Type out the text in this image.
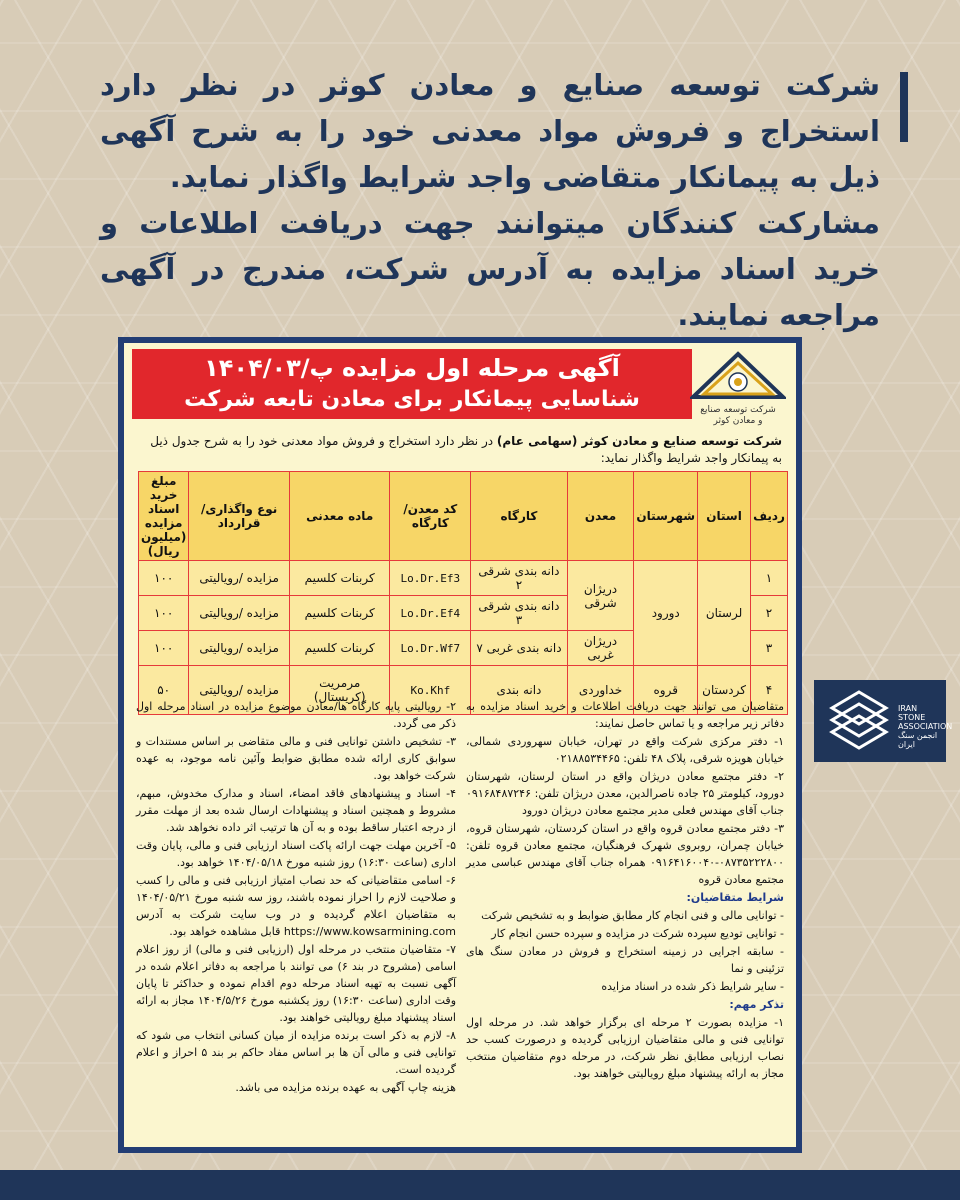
شرکت توسعه صنایع و معادن کوثر در نظر دارد استخراج و فروش مواد معدنی خود را به شرح آگهی ذیل به پیمانکار متقاضی واجد شرایط واگذار نماید.

مشارکت کنندگان میتوانند جهت دریافت اطلاعات و خرید اسناد مزایده به آدرس شرکت، مندرج در آگهی مراجعه نمایند.

آگهی مرحله اول مزایده پ/۱۴۰۴/۰۳
شناسایی پیمانکار برای معادن تابعه شرکت	شرکت توسعه صنایع
و معادن کوثر
شرکت توسعه صنایع و معادن کوثر (سهامی عام) در نظر دارد استخراج و فروش مواد معدنی خود را به شرح جدول ذیل به پیمانکار واجد شرایط واگذار نماید:
ردیف	استان	شهرستان	معدن	کارگاه	کد معدن/ کارگاه	ماده معدنی	نوع واگذاری/قرارداد	مبلغ خرید اسناد مزایده (میلیون ریال)
۱	لرستان	دورود	دریژان شرقی	دانه بندی شرقی ۲	Lo.Dr.Ef3	کربنات کلسیم	مزایده /رویالیتی	۱۰۰
۲				دانه بندی شرقی ۳	Lo.Dr.Ef4	کربنات کلسیم	مزایده /رویالیتی	۱۰۰
۳			دریژان غربی	دانه بندی غربی ۷	Lo.Dr.Wf7	کربنات کلسیم	مزایده /رویالیتی	۱۰۰
۴	کردستان	قروه	خداوردی	دانه بندی	Ko.Khf	مرمریت (کریستال)	مزایده /رویالیتی	۵۰

متقاضیان می توانند جهت دریافت اطلاعات و خرید اسناد مزایده به دفاتر زیر مراجعه و یا تماس حاصل نمایند:

۱- دفتر مرکزی شرکت واقع در تهران، خیابان سهروردی شمالی، خیابان هویزه شرقی، پلاک ۴۸ تلفن: ۰۲۱۸۸۵۳۴۴۶۵

۲- دفتر مجتمع معادن دریژان واقع در استان لرستان، شهرستان دورود، کیلومتر ۲۵ جاده ناصرالدین، معدن دریژان تلفن: ۰۹۱۶۸۴۸۷۲۴۶ جناب آقای مهندس فعلی مدیر مجتمع معادن دریژان دورود

۳- دفتر مجتمع معادن قروه واقع در استان کردستان، شهرستان قروه، خیابان چمران، روبروی شهرک فرهنگیان، مجتمع معادن قروه تلفن: ۰۸۷۳۵۲۲۲۸۰۰-۰۹۱۶۴۱۶۰۰۴۰ همراه جناب آقای مهندس عباسی مدیر مجتمع معادن قروه

شرایط متقاضیان:

- توانایی مالی و فنی انجام کار مطابق ضوابط و به تشخیص شرکت

- توانایی تودیع سپرده شرکت در مزایده و سپرده حسن انجام کار

- سابقه اجرایی در زمینه استخراج و فروش در معادن سنگ های تزئینی و نما

- سایر شرایط ذکر شده در اسناد مزایده

تذکر مهم:

۱- مزایده بصورت ۲ مرحله ای برگزار خواهد شد. در مرحله اول توانایی فنی و مالی متقاضیان ارزیابی گردیده و درصورت کسب حد نصاب ارزیابی مطابق نظر شرکت، در مرحله دوم متقاضیان منتخب مجاز به ارائه پیشنهاد مبلغ رویالیتی خواهند بود.

۲- رویالیتی پایه کارگاه ها/معادن موضوع مزایده در اسناد مرحله اول ذکر می گردد.

۳- تشخیص داشتن توانایی فنی و مالی متقاضی بر اساس مستندات و سوابق کاری ارائه شده مطابق ضوابط وآئین نامه موجود، به عهده شرکت خواهد بود.

۴- اسناد و پیشنهادهای فاقد امضاء، اسناد و مدارک مخدوش، مبهم، مشروط و همچنین اسناد و پیشنهادات ارسال شده بعد از مهلت مقرر از درجه اعتبار ساقط بوده و به آن ها ترتیب اثر داده نخواهد شد.

۵- آخرین مهلت جهت ارائه پاکت اسناد ارزیابی فنی و مالی، پایان وقت اداری (ساعت ۱۶:۳۰) روز شنبه مورخ ۱۴۰۴/۰۵/۱۸ خواهد بود.

۶- اسامی متقاضیانی که حد نصاب امتیاز ارزیابی فنی و مالی را کسب و صلاحیت لازم را احراز نموده باشند، روز سه شنبه مورخ ۱۴۰۴/۰۵/۲۱ به متقاضیان اعلام گردیده و در وب سایت شرکت به آدرس https://www.kowsarmining.com قابل مشاهده خواهد بود.

۷- متقاضیان منتخب در مرحله اول (ارزیابی فنی و مالی) از روز اعلام اسامی (مشروح در بند ۶) می توانند با مراجعه به دفاتر اعلام شده در آگهی نسبت به تهیه اسناد مرحله دوم اقدام نموده و حداکثر تا پایان وقت اداری (ساعت ۱۶:۳۰) روز یکشنبه مورخ ۱۴۰۴/۵/۲۶ مجاز به ارائه اسناد پیشنهاد مبلغ رویالیتی خواهند بود.

۸- لازم به ذکر است برنده مزایده از میان کسانی انتخاب می شود که توانایی فنی و مالی آن ها بر اساس مفاد حاکم بر بند ۵ احراز و اعلام گردیده است.

هزینه چاپ آگهی به عهده برنده مزایده می باشد.

IRAN
STONE
ASSOCIATION
انجمن سنگ ایران
